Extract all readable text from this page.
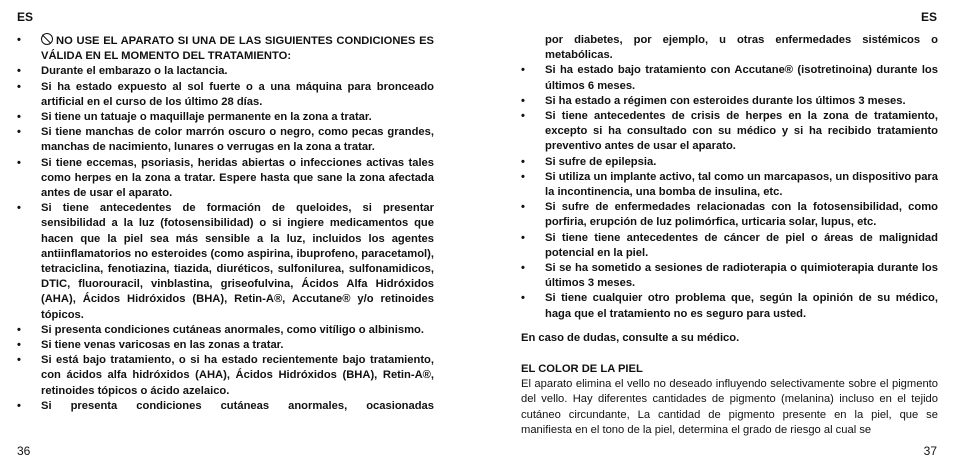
ES
•	NO USE EL APARATO SI UNA DE LAS SIGUIENTES CONDICIONES ES VÁLIDA EN EL MOMENTO DEL TRATAMIENTO:
• Durante el embarazo o la lactancia.
• Si ha estado expuesto al sol fuerte o a una máquina para bronceado artificial en el curso de los último 28 días.
• Si tiene un tatuaje o maquillaje permanente en la zona a tratar.
• Si tiene manchas de color marrón oscuro o negro, como pecas grandes, manchas de nacimiento, lunares o verrugas en la zona a tratar.
• Si tiene eccemas, psoriasis, heridas abiertas o infecciones activas tales como herpes en la zona a tratar. Espere hasta que sane la zona afectada antes de usar el aparato.
• Si tiene antecedentes de formación de queloides, si presentar sensibilidad a la luz (fotosensibilidad) o si ingiere medicamentos que hacen que la piel sea más sensible a la luz, incluidos los agentes antiinflamatorios no esteroides (como aspirina, ibuprofeno, paracetamol), tetraciclina, fenotiazina, tiazida, diuréticos, sulfonilurea, sulfonamidicos, DTIC, fluorouracil, vinblastina, griseofulvina, Ácidos Alfa Hidróxidos (AHA), Ácidos Hidróxidos (BHA), Retin-A®, Accutane® y/o retinoides tópicos.
• Si presenta condiciones cutáneas anormales, como vitíligo o albinismo.
• Si tiene venas varicosas en las zonas a tratar.
• Si está bajo tratamiento, o si ha estado recientemente bajo tratamiento, con ácidos alfa hidróxidos (AHA), Ácidos Hidróxidos (BHA), Retin-A®, retinoides tópicos o ácido azelaico.
• Si presenta condiciones cutáneas anormales, ocasionadas
36
ES
por diabetes, por ejemplo, u otras enfermedades sistémicos o metabólicas.
• Si ha estado bajo tratamiento con Accutane® (isotretinoina) durante los últimos 6 meses.
• Si ha estado a régimen con esteroides durante los últimos 3 meses.
• Si tiene antecedentes de crisis de herpes en la zona de tratamiento, excepto si ha consultado con su médico y si ha recibido tratamiento preventivo antes de usar el aparato.
• Si sufre de epilepsia.
• Si utiliza un implante activo, tal como un marcapasos, un dispositivo para la incontinencia, una bomba de insulina, etc.
• Si sufre de enfermedades relacionadas con la fotosensibilidad, como porfiria, erupción de luz polimórfica, urticaria solar, lupus, etc.
• Si tiene tiene antecedentes de cáncer de piel o áreas de malignidad potencial en la piel.
• Si se ha sometido a sesiones de radioterapia o quimioterapia durante los últimos 3 meses.
• Si tiene cualquier otro problema que, según la opinión de su médico, haga que el tratamiento no es seguro para usted.
En caso de dudas, consulte a su médico.
EL COLOR DE LA PIEL
El aparato elimina el vello no deseado influyendo selectivamente sobre el pigmento del vello. Hay diferentes cantidades de pigmento (melanina) incluso en el tejido cutáneo circundante, La cantidad de pigmento presente en la piel, que se manifiesta en el tono de la piel, determina el grado de riesgo al cual se
37
